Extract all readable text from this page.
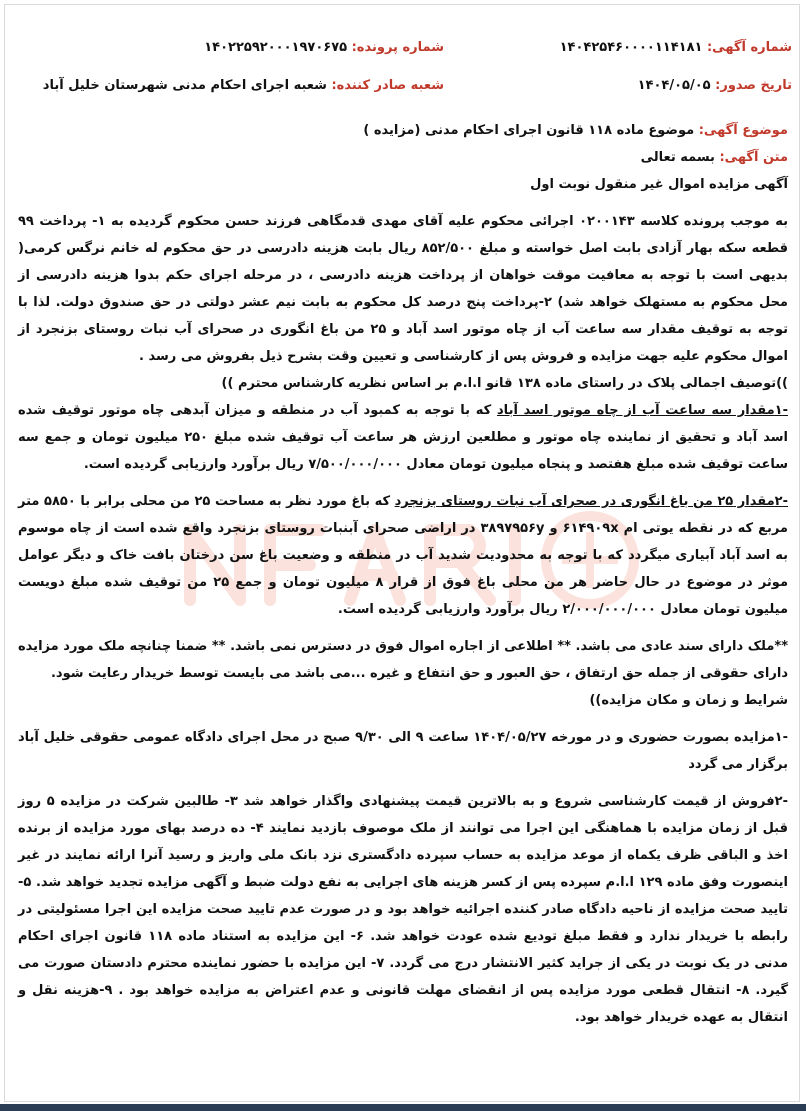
شماره آگهی: ۱۴۰۴۲۵۴۶۰۰۰۰۱۱۴۱۸۱
شماره پرونده: ۱۴۰۲۲۵۹۲۰۰۰۱۹۷۰۶۷۵
تاریخ صدور: ۱۴۰۴/۰۵/۰۵
شعبه صادر کننده: شعبه اجرای احکام مدنی شهرستان خلیل آباد

موضوع آگهی: موضوع ماده ۱۱۸ قانون اجرای احکام مدنی (مزایده )

متن آگهی: بسمه تعالی

آگهی مزایده اموال غیر منقول نوبت اول

به موجب پرونده کلاسه ۰۲۰۰۱۴۳ اجرائی محکوم علیه آقای مهدی قدمگاهی فرزند حسن محکوم گردیده به ۱- پرداخت ۹۹ قطعه سکه بهار آزادی بابت اصل خواسته و مبلغ ۸۵۲/۵۰۰ ریال بابت هزینه دادرسی در حق محکوم له خانم نرگس کرمی( بدیهی است با توجه به معافیت موقت خواهان از پرداخت هزینه دادرسی ، در مرحله اجرای حکم بدوا هزینه دادرسی از محل محکوم به مستهلک خواهد شد) ۲-پرداخت پنج درصد کل محکوم به بابت نیم عشر دولتی در حق صندوق دولت. لذا با توجه به توقیف مقدار سه ساعت آب از چاه موتور اسد آباد و ۲۵ من باغ انگوری در صحرای آب نبات روستای بزنجرد از اموال محکوم علیه جهت مزایده و فروش پس از کارشناسی و تعیین وقت بشرح ذیل بفروش می رسد .

))توصیف اجمالی پلاک در راستای ماده ۱۳۸ قانو ا.ا.م بر اساس نظریه کارشناس محترم ))

-۱مقدار سه ساعت آب از چاه موتور اسد آباد که با توجه به کمبود آب در منطقه و میزان آبدهی چاه موتور توقیف شده اسد آباد و تحقیق از نماینده چاه موتور و مطلعین ارزش هر ساعت آب توقیف شده مبلغ ۲۵۰ میلیون تومان و جمع سه ساعت توقیف شده مبلغ هفتصد و پنجاه میلیون تومان معادل ۷/۵۰۰/۰۰۰/۰۰۰ ریال برآورد وارزیابی گردیده است.

-۲مقدار ۲۵ من باغ انگوری در صحرای آب نبات روستای بزنجرد که باغ مورد نظر به مساحت ۲۵ من محلی برابر با ۵۸۵۰ متر مربع که در نقطه یوتی ام ۶۱۴۹۰۹x و ۳۸۹۷۹۵۶y در اراضی صحرای آبنبات روستای بزنجرد واقع شده است از چاه موسوم به اسد آباد آبیاری میگردد که با توجه به محدودیت شدید آب در منطقه و وضعیت باغ سن درختان بافت خاک و دیگر عوامل موثر در موضوع در حال حاضر هر من محلی باغ فوق از قرار ۸ میلیون تومان و جمع ۲۵ من توقیف شده مبلغ دویست میلیون تومان معادل ۲/۰۰۰/۰۰۰/۰۰۰ ریال برآورد وارزیابی گردیده است.

**ملک دارای سند عادی می باشد. ** اطلاعی از اجاره اموال فوق در دسترس نمی باشد. ** ضمنا چنانچه ملک مورد مزایده دارای حقوقی از جمله حق ارتفاق ، حق العبور و حق انتفاع و غیره ...می باشد می بایست توسط خریدار رعایت شود.

شرایط و زمان و مکان مزایده))

-۱مزایده بصورت حضوری و در مورخه ۱۴۰۴/۰۵/۲۷ ساعت ۹ الی ۹/۳۰ صبح در محل اجرای دادگاه عمومی حقوقی خلیل آباد برگزار می گردد

-۲فروش از قیمت کارشناسی شروع و به بالاترین قیمت پیشنهادی واگذار خواهد شد ۳- طالبین شرکت در مزایده ۵ روز قبل از زمان مزایده با هماهنگی این اجرا می توانند از ملک موصوف بازدید نمایند ۴- ده درصد بهای مورد مزایده از برنده اخذ و الباقی ظرف یکماه از موعد مزایده به حساب سپرده دادگستری نزد بانک ملی واریز و رسید آنرا ارائه نمایند در غیر اینصورت وفق ماده ۱۲۹ ا.ا.م سپرده پس از کسر هزینه های اجرایی به نفع دولت ضبط و آگهی مزایده تجدید خواهد شد. ۵- تایید صحت مزایده از ناحیه دادگاه صادر کننده اجرائیه خواهد بود و در صورت عدم تایید صحت مزایده این اجرا مسئولیتی در رابطه با خریدار ندارد و فقط مبلغ تودیع شده عودت خواهد شد. ۶- این مزایده به استناد ماده ۱۱۸ قانون اجرای احکام مدنی در یک نوبت در یکی از جراید کثیر الانتشار درج می گردد. ۷- این مزایده با حضور نماینده محترم دادستان صورت می گیرد. ۸- انتقال قطعی مورد مزایده پس از انقضای مهلت قانونی و عدم اعتراض به مزایده خواهد بود . ۹-هزینه نقل و انتقال به عهده خریدار خواهد بود.
